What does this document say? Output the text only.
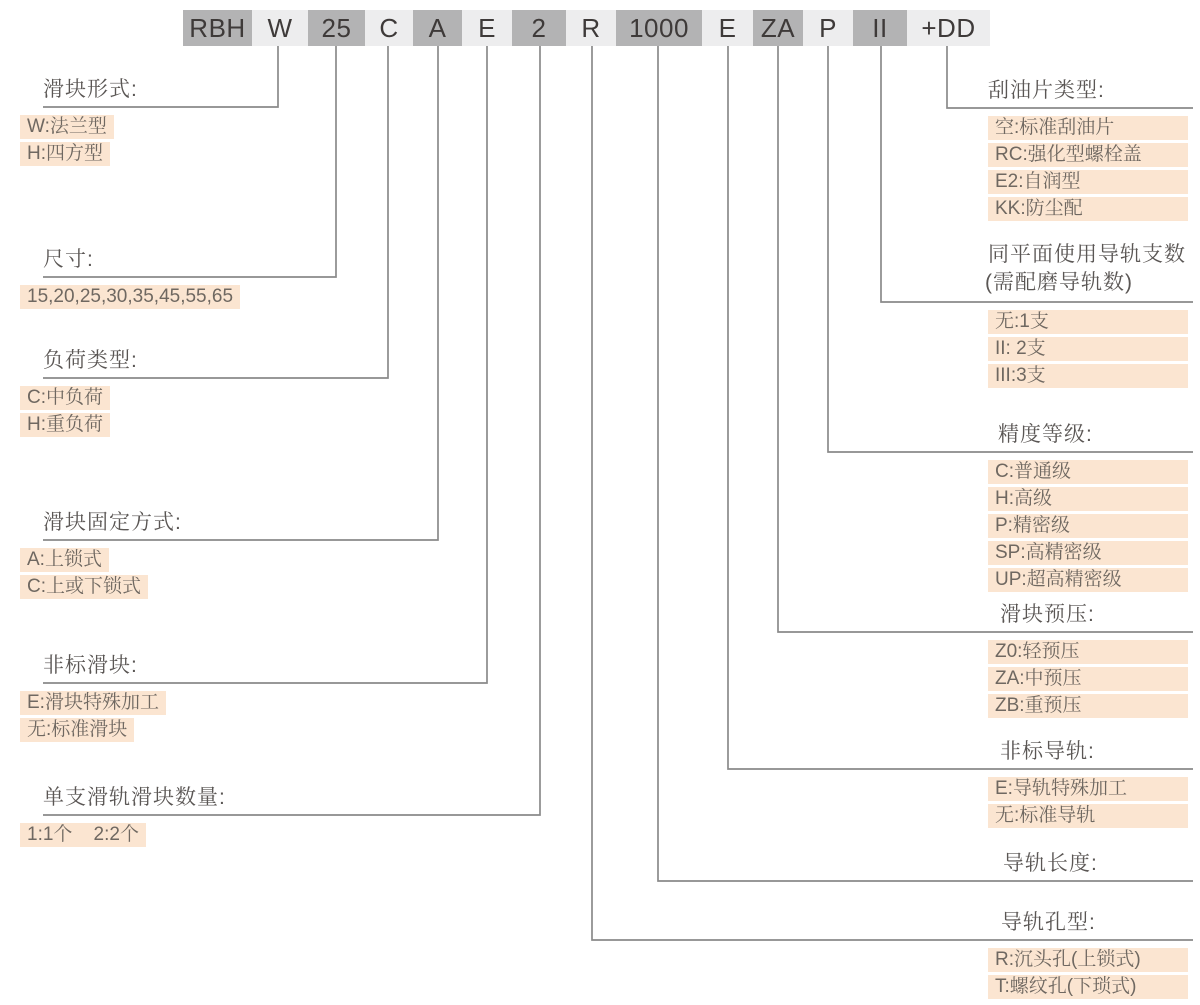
RBH W	25	C	A	E	2	R	1000	E ZA P	II	+DD
滑块形式:
W:法兰型
H:四方型
尺寸:
15,20,25,30,35,45,55,65
负荷类型:
C:中负荷
H:重负荷
滑块固定方式:
A:上锁式
C:上或下锁式
非标滑块:
E:滑块特殊加工
无:标准滑块
单支滑轨滑块数量:
1:1个    2:2个
刮油片类型:
空:标准刮油片
RC:强化型螺栓盖
E2:自润型
KK:防尘配
同平面使用导轨支数
(需配磨导轨数)
无:1支
II: 2支
III:3支
精度等级:
C:普通级
H:高级
P:精密级
SP:高精密级
UP:超高精密级
滑块预压:
Z0:轻预压
ZA:中预压
ZB:重预压
非标导轨:
E:导轨特殊加工
无:标准导轨
导轨长度:
导轨孔型:
R:沉头孔(上锁式)
T:螺纹孔(下琐式)
